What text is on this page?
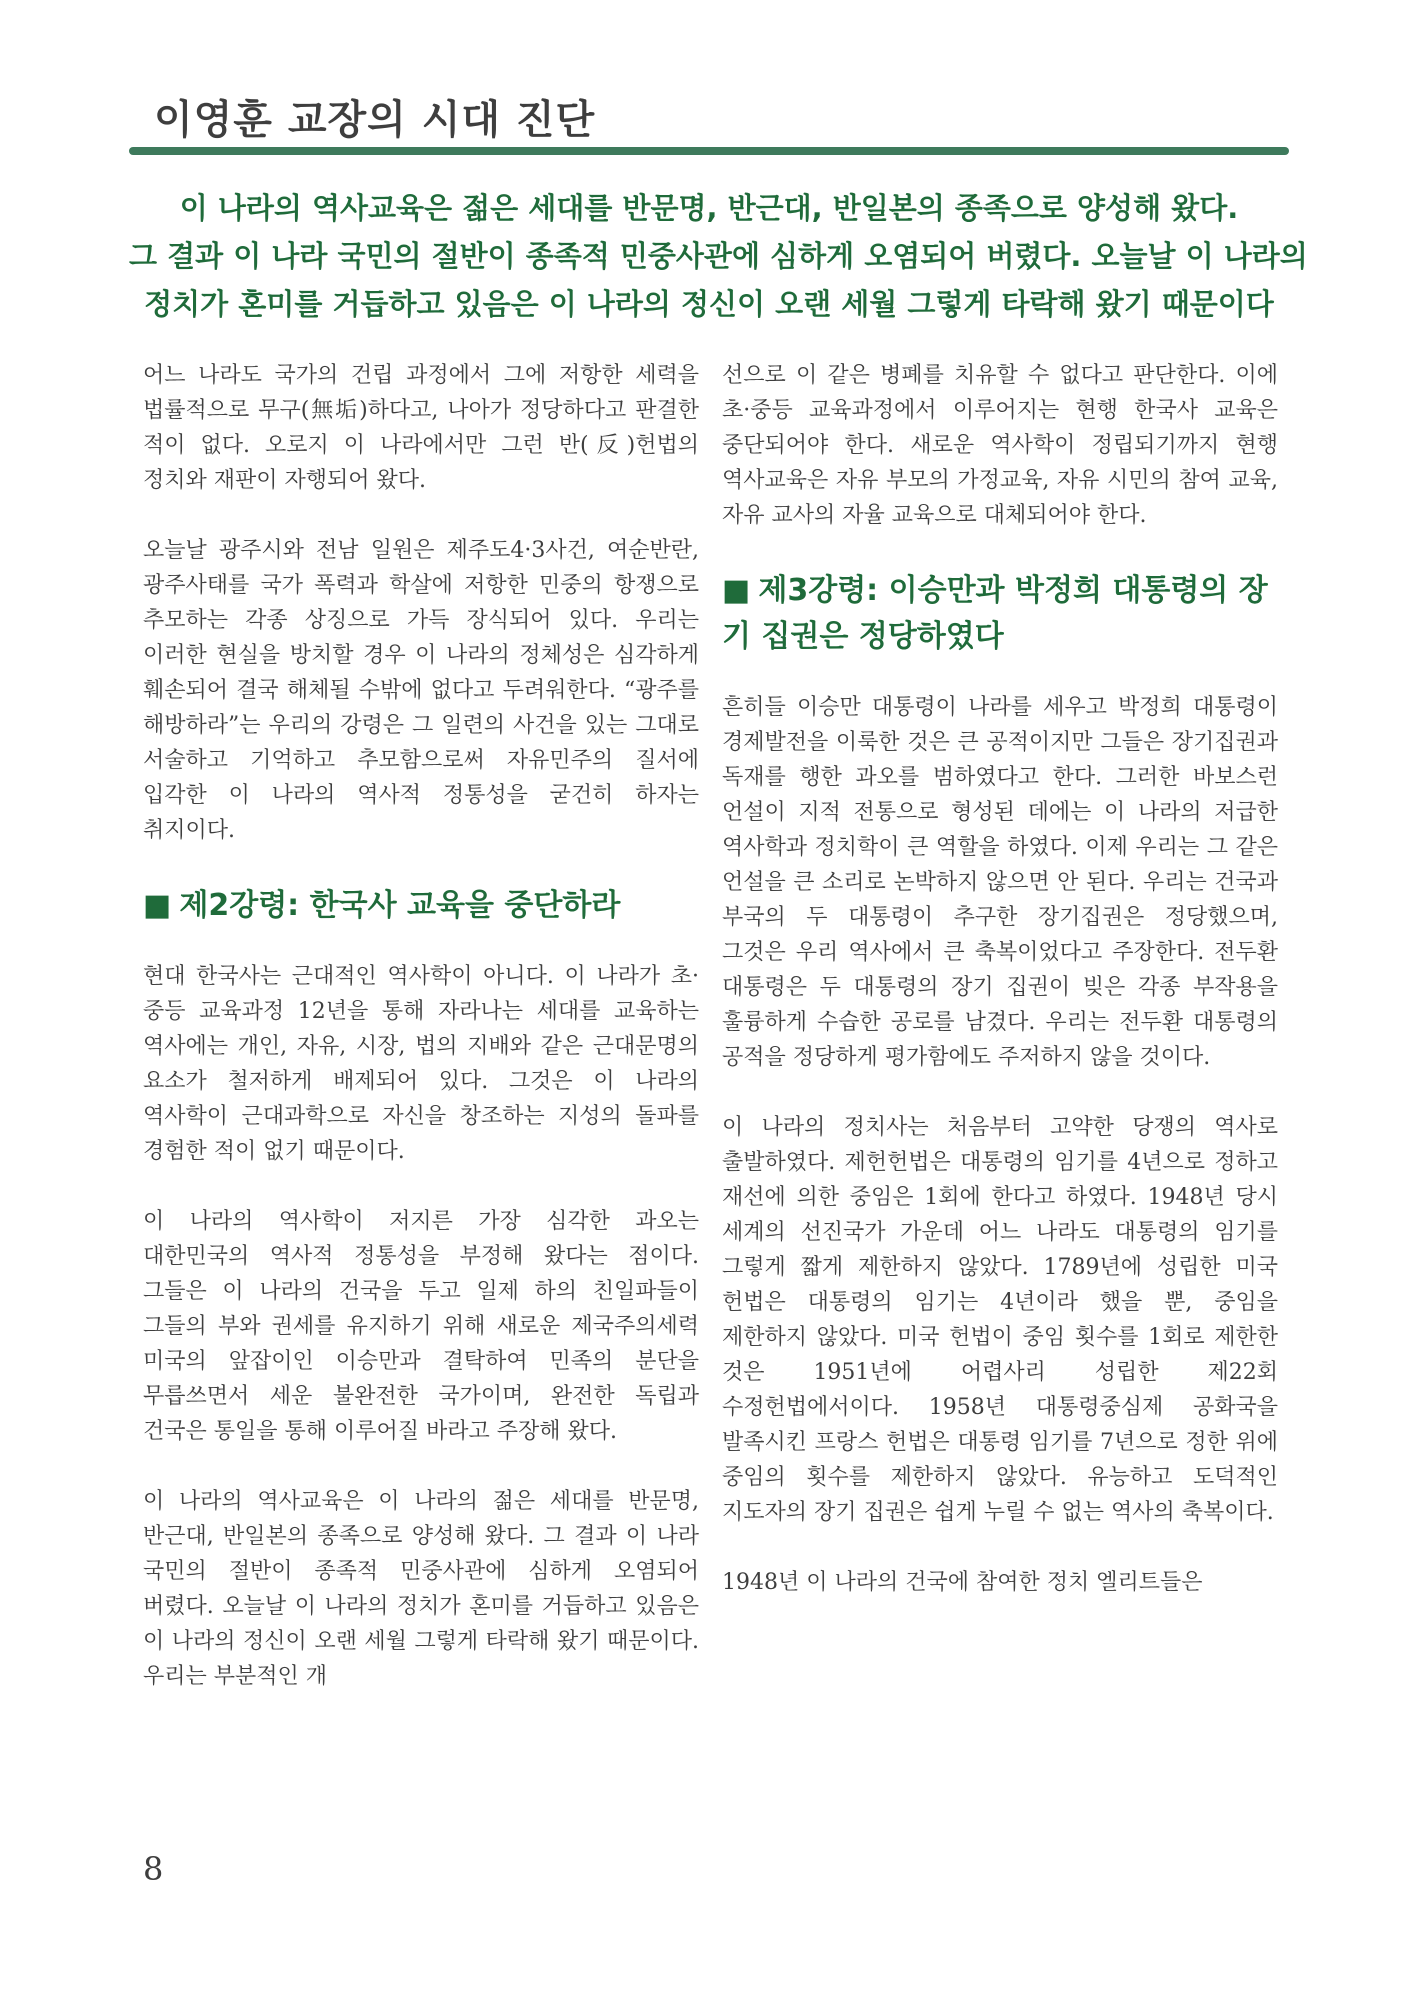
이영훈 교장의 시대 진단
이 나라의 역사교육은 젊은 세대를 반문명, 반근대, 반일본의 종족으로 양성해 왔다.
그 결과 이 나라 국민의 절반이 종족적 민중사관에 심하게 오염되어 버렸다. 오늘날 이 나라의
정치가 혼미를 거듭하고 있음은 이 나라의 정신이 오랜 세월 그렇게 타락해 왔기 때문이다

어느 나라도 국가의 건립 과정에서 그에 저항한 세력을 법률적으로 무구(無垢)하다고, 나아가 정당하다고 판결한 적이 없다. 오로지 이 나라에서만 그런 반(反)헌법의 정치와 재판이 자행되어 왔다.

오늘날 광주시와 전남 일원은 제주도4·3사건, 여순반란, 광주사태를 국가 폭력과 학살에 저항한 민중의 항쟁으로 추모하는 각종 상징으로 가득 장식되어 있다. 우리는 이러한 현실을 방치할 경우 이 나라의 정체성은 심각하게 훼손되어 결국 해체될 수밖에 없다고 두려워한다. “광주를 해방하라”는 우리의 강령은 그 일련의 사건을 있는 그대로 서술하고 기억하고 추모함으로써 자유민주의 질서에 입각한 이 나라의 역사적 정통성을 굳건히 하자는 취지이다.

■ 제2강령: 한국사 교육을 중단하라

현대 한국사는 근대적인 역사학이 아니다. 이 나라가 초·중등 교육과정 12년을 통해 자라나는 세대를 교육하는 역사에는 개인, 자유, 시장, 법의 지배와 같은 근대문명의 요소가 철저하게 배제되어 있다. 그것은 이 나라의 역사학이 근대과학으로 자신을 창조하는 지성의 돌파를 경험한 적이 없기 때문이다.

이 나라의 역사학이 저지른 가장 심각한 과오는 대한민국의 역사적 정통성을 부정해 왔다는 점이다. 그들은 이 나라의 건국을 두고 일제 하의 친일파들이 그들의 부와 권세를 유지하기 위해 새로운 제국주의세력 미국의 앞잡이인 이승만과 결탁하여 민족의 분단을 무릅쓰면서 세운 불완전한 국가이며, 완전한 독립과 건국은 통일을 통해 이루어질 바라고 주장해 왔다.

이 나라의 역사교육은 이 나라의 젊은 세대를 반문명, 반근대, 반일본의 종족으로 양성해 왔다. 그 결과 이 나라 국민의 절반이 종족적 민중사관에 심하게 오염되어 버렸다. 오늘날 이 나라의 정치가 혼미를 거듭하고 있음은 이 나라의 정신이 오랜 세월 그렇게 타락해 왔기 때문이다. 우리는 부분적인 개

선으로 이 같은 병폐를 치유할 수 없다고 판단한다. 이에 초·중등 교육과정에서 이루어지는 현행 한국사 교육은 중단되어야 한다. 새로운 역사학이 정립되기까지 현행 역사교육은 자유 부모의 가정교육, 자유 시민의 참여 교육, 자유 교사의 자율 교육으로 대체되어야 한다.

■ 제3강령: 이승만과 박정희 대통령의 장기 집권은 정당하였다

흔히들 이승만 대통령이 나라를 세우고 박정희 대통령이 경제발전을 이룩한 것은 큰 공적이지만 그들은 장기집권과 독재를 행한 과오를 범하였다고 한다. 그러한 바보스런 언설이 지적 전통으로 형성된 데에는 이 나라의 저급한 역사학과 정치학이 큰 역할을 하였다. 이제 우리는 그 같은 언설을 큰 소리로 논박하지 않으면 안 된다. 우리는 건국과 부국의 두 대통령이 추구한 장기집권은 정당했으며, 그것은 우리 역사에서 큰 축복이었다고 주장한다. 전두환 대통령은 두 대통령의 장기 집권이 빚은 각종 부작용을 훌륭하게 수습한 공로를 남겼다. 우리는 전두환 대통령의 공적을 정당하게 평가함에도 주저하지 않을 것이다.

이 나라의 정치사는 처음부터 고약한 당쟁의 역사로 출발하였다. 제헌헌법은 대통령의 임기를 4년으로 정하고 재선에 의한 중임은 1회에 한다고 하였다. 1948년 당시 세계의 선진국가 가운데 어느 나라도 대통령의 임기를 그렇게 짧게 제한하지 않았다. 1789년에 성립한 미국 헌법은 대통령의 임기는 4년이라 했을 뿐, 중임을 제한하지 않았다. 미국 헌법이 중임 횟수를 1회로 제한한 것은 1951년에 어렵사리 성립한 제22회 수정헌법에서이다. 1958년 대통령중심제 공화국을 발족시킨 프랑스 헌법은 대통령 임기를 7년으로 정한 위에 중임의 횟수를 제한하지 않았다. 유능하고 도덕적인 지도자의 장기 집권은 쉽게 누릴 수 없는 역사의 축복이다.

1948년 이 나라의 건국에 참여한 정치 엘리트들은

8
